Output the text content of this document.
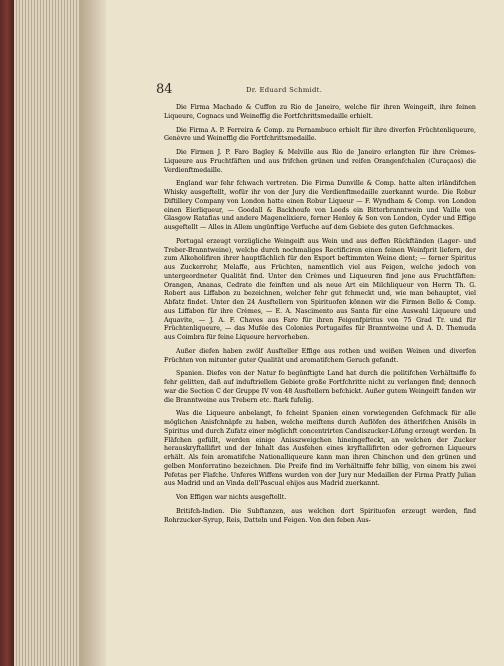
84	Dr. Eduard Schmidt.

Die Firma Machado & Cuffon zu Rio de Janeiro, welche für ihren Weingeift, ihre feinen Liqueure, Cognacs und Weineffig die Fortfchrittsmedaille erhielt.

Die Firma A. P. Ferreira & Comp. zu Pernambuco erhielt für ihre diverfen Früchtenliqueure, Genèvre und Weineffig die Fortfchrittsmedaille.

Die Firmen J. P. Faro Bagley & Melville aus Rio de Janeiro erlangten für ihre Crèmes-Liqueure aus Fruchtfäften und aus frifchen grünen und reifen Orangenfchalen (Curaçaos) die Verdienftmedaille.

England war fehr fchwach vertreten. Die Firma Dunville & Comp. hatte alten irländifchen Whisky ausgeftellt, wofür ihr von der Jury die Verdienftmedaille zuerkannt wurde. Die Robur Diftillery Company von London hatte einen Robur Liqueur — F. Wyndham & Comp. von London einen Eierliqueur, — Goodall & Backhoufe von Leeds ein Bitterbranntwein und Vaille von Glasgow Ratafias und andere Magenelixiere, ferner Henley & Son von London, Cyder und Effige ausgeftellt — Alles in Allem ungünftige Verfuche auf dem Gebiete des guten Gefchmackes.

Portugal erzeugt vorzügliche Weingeift aus Wein und aus deffen Rückftänden (Lager- und Treber-Branntweine), welche durch nochmaliges Rectificiren einen feinen Weinfprit liefern, der zum Alkoholifiren ihrer hauptfächlich für den Export beftimmten Weine dient; — ferner Spiritus aus Zuckerrohr, Melaffe, aus Früchten, namentlich viel aus Feigen, welche jedoch von untergeordneter Qualität find. Unter den Crèmes und Liqueuren find jene aus Fruchtfäften: Orangen, Ananas, Cedrate die feinften und als neue Art ein Milchliqueur von Herrn Th. G. Robert aus Liffabon zu bezeichnen, welcher fehr gut fchmeckt und, wie man behauptet, viel Abfatz findet. Unter den 24 Ausftellern von Spirituofen können wir die Firmen Bello & Comp. aus Liffabon für ihre Crèmes, — E. A. Nascimento aus Santa für eine Auswahl Liqueure und Aquavite, — J. A. F. Chaves aus Faro für ihren Feigenfpiritus von 75 Grad Tr. und für Früchtenliqueure, — das Mufée des Colonies Portugaifes für Branntweine und A. D. Themuda aus Coimbra für feine Liqueure hervorheben.

Außer diefen haben zwölf Ausfteller Effige aus rothen und weißen Weinen und diverfen Früchten von mitunter guter Qualität und aromatifchem Geruch gefandt.

Spanien. Diefes von der Natur fo begünftigte Land hat durch die politifchen Verhältniffe fo fehr gelitten, daß auf induftriellem Gebiete große Fortfchritte nicht zu verlangen find; dennoch war die Section C der Gruppe IV von 48 Ausftellern befchickt. Außer gutem Weingeift fanden wir die Branntweine aus Trebern etc. ftark fufelig.

Was die Liqueure anbelangt, fo fcheint Spanien einen vorwiegenden Gefchmack für alle möglichen Anisfchnäpfe zu haben, welche meiftens durch Auflöfen des ätherifchen Anisöls in Spiritus und durch Zufatz einer möglichft concentrirten Candiszucker-Löfung erzeugt werden. In Fläfchen gefüllt, werden einige Anisszweigchen hineingefteckt, an welchen der Zucker herauskryftallifirt und der Inhalt das Ausfehen eines kryftallifirten oder gefrornen Liqueurs erhält. Als fein aromatifche Nationalliqueure kann man ihren Chinchon und den grünen und gelben Monferratino bezeichnen. Die Preife find im Verhältniffe fehr billig, von einem bis zwei Pefetas per Flafche. Unferes Wiffens wurden von der Jury nur Medaillen der Firma Pratfy Julian aus Madrid und an Vinda dell'Pascual ehijos aus Madrid zuerkannt.

Von Effigen war nichts ausgeftellt.

Britifch-Indien. Die Subftanzen, aus welchen dort Spirituofen erzeugt werden, find Rohrzucker-Syrup, Reis, Datteln und Feigen. Von den feben Aus-
